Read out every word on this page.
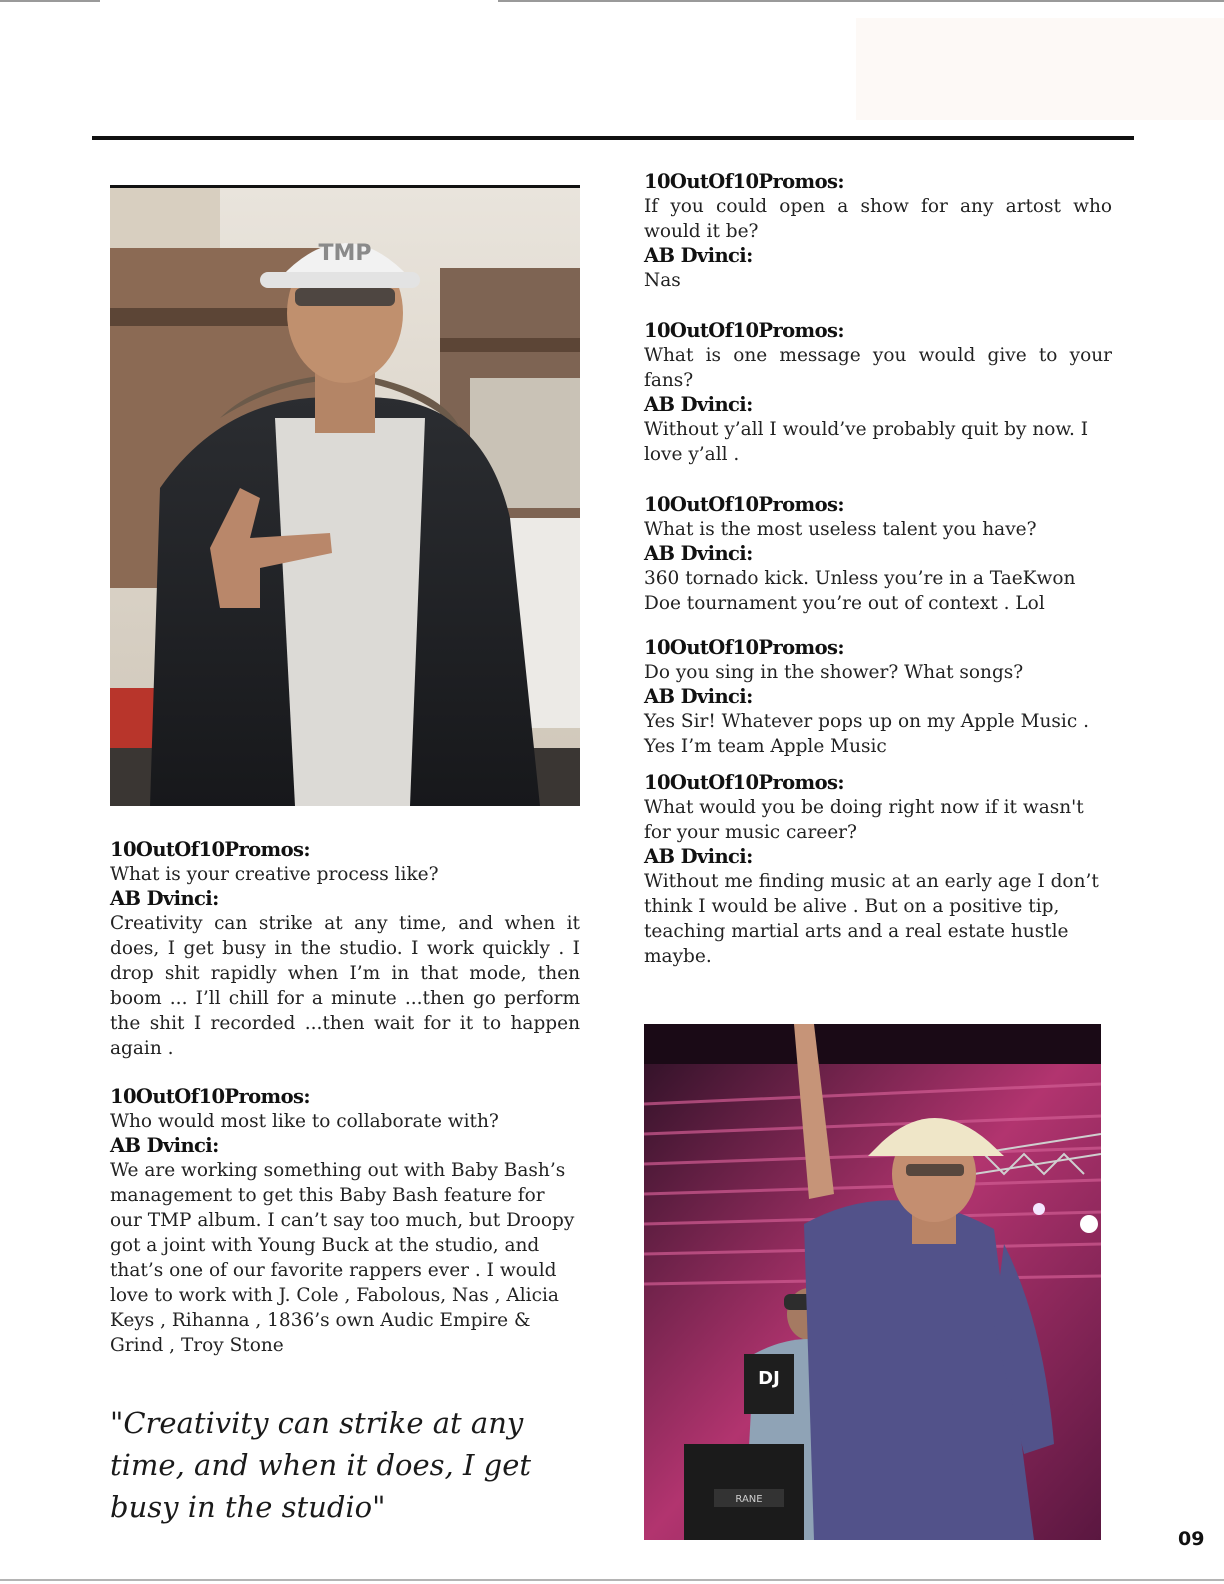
TMP
10OutOf10Promos:
What is your creative process like?
AB Dvinci:
Creativity can strike at any time, and when it does, I get busy in the studio. I work quickly . I drop shit rapidly when I’m in that mode, then boom ... I’ll chill for a minute ...then go perform the shit I recorded ...then wait for it to happen again .
10OutOf10Promos:
Who would most like to collaborate with?
AB Dvinci:
We are working something out with Baby Bash’s management to get this Baby Bash feature for our TMP album. I can’t say too much, but Droopy got a joint with Young Buck at the studio, and that’s one of our favorite rappers ever . I would love to work with J. Cole , Fabolous, Nas , Alicia Keys , Rihanna , 1836’s own Audic Empire & Grind , Troy Stone
"Creativity can strike at any time, and when it does, I get busy in the studio"
10OutOf10Promos:
If you could open a show for any artost who would it be?
AB Dvinci:
Nas
10OutOf10Promos:
What is one message you would give to your fans?
AB Dvinci:
Without y’all I would’ve probably quit by now. I love y’all .
10OutOf10Promos:
What is the most useless talent you have?
AB Dvinci:
360 tornado kick. Unless you’re in a TaeKwon Doe tournament you’re out of context . Lol
10OutOf10Promos:
Do you sing in the shower? What songs?
AB Dvinci:
Yes Sir! Whatever pops up on my Apple Music . Yes I’m team Apple Music
10OutOf10Promos:
What would you be doing right now if it wasn't for your music career?
AB Dvinci:
Without me finding music at an early age I don’t think I would be alive . But on a positive tip, teaching martial arts and a real estate hustle maybe.
DJ
RANE
09
